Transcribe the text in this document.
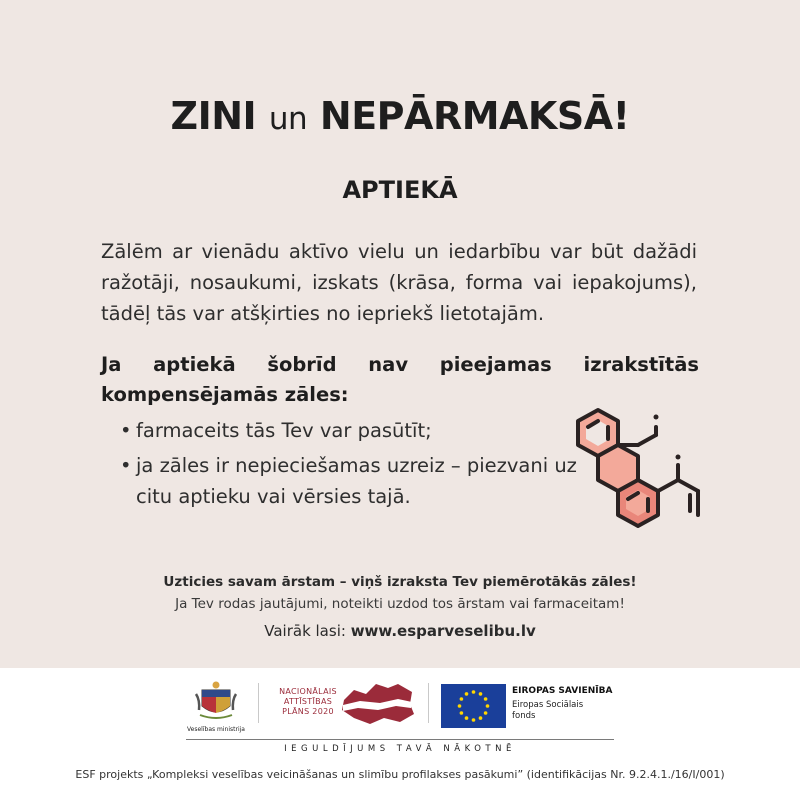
ZINI un NEPĀRMAKSĀ!
APTIEKĀ

Zālēm ar vienādu aktīvo vielu un iedarbību var būt dažādi ražotāji, nosaukumi, izskats (krāsa, forma vai iepakojums), tādēļ tās var atšķirties no iepriekš lietotajām.

Ja aptiekā šobrīd nav pieejamas izrakstītās kompensējamās zāles:

• farmaceits tās Tev var pasūtīt;
• ja zāles ir nepieciešamas uzreiz – piezvani uz citu aptieku vai vērsies tajā.
Uzticies savam ārstam – viņš izraksta Tev piemērotākās zāles!
Ja Tev rodas jautājumi, noteikti uzdod tos ārstam vai farmaceitam!
Vairāk lasi: www.esparveselibu.lv
Veselības ministrija
NACIONĀLAIS
ATTĪSTĪBAS
PLĀNS 2020
EIROPAS SAVIENĪBA
Eiropas Sociālais
fonds
IEGULDĪJUMS TAVĀ NĀKOTNĒ
ESF projekts „Kompleksi veselības veicināšanas un slimību profilakses pasākumi” (identifikācijas Nr. 9.2.4.1./16/I/001)
